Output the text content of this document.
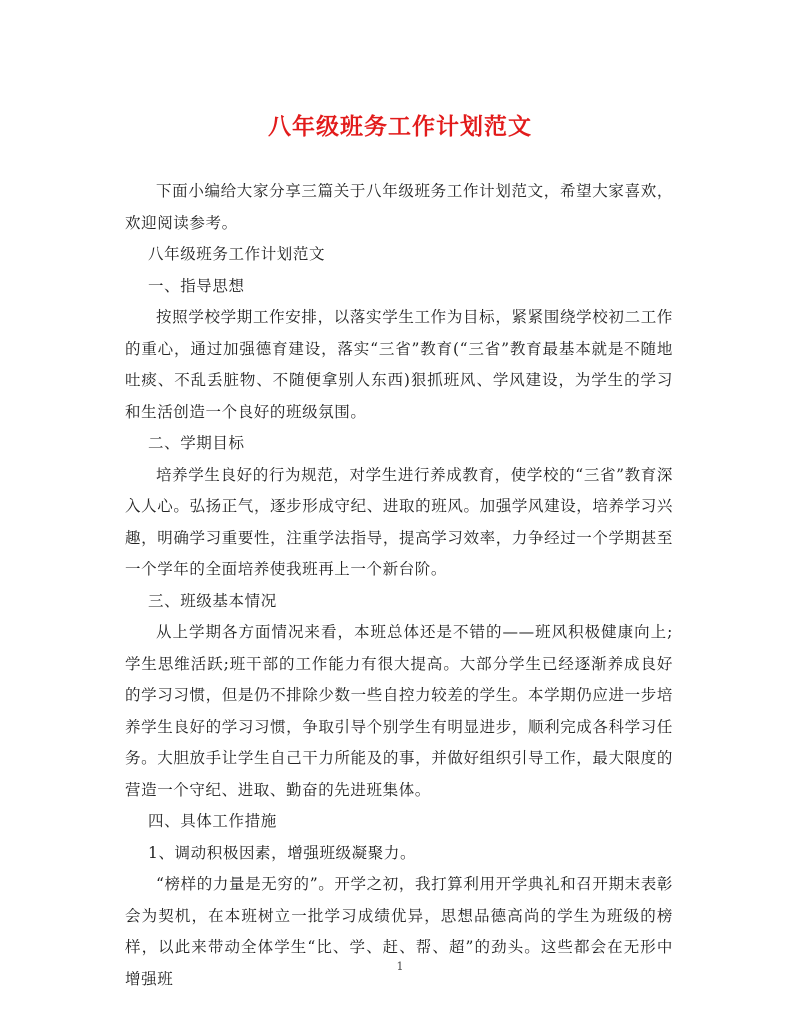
八年级班务工作计划范文

下面小编给大家分享三篇关于八年级班务工作计划范文，希望大家喜欢，欢迎阅读参考。

八年级班务工作计划范文

一、指导思想

按照学校学期工作安排，以落实学生工作为目标，紧紧围绕学校初二工作的重心，通过加强德育建设，落实“三省”教育(“三省”教育最基本就是不随地吐痰、不乱丢脏物、不随便拿别人东西)狠抓班风、学风建设，为学生的学习和生活创造一个良好的班级氛围。

二、学期目标

培养学生良好的行为规范，对学生进行养成教育，使学校的“三省”教育深入人心。弘扬正气，逐步形成守纪、进取的班风。加强学风建设，培养学习兴趣，明确学习重要性，注重学法指导，提高学习效率，力争经过一个学期甚至一个学年的全面培养使我班再上一个新台阶。

三、班级基本情况

从上学期各方面情况来看，本班总体还是不错的——班风积极健康向上;学生思维活跃;班干部的工作能力有很大提高。大部分学生已经逐渐养成良好的学习习惯，但是仍不排除少数一些自控力较差的学生。本学期仍应进一步培养学生良好的学习习惯，争取引导个别学生有明显进步，顺利完成各科学习任务。大胆放手让学生自己干力所能及的事，并做好组织引导工作，最大限度的营造一个守纪、进取、勤奋的先进班集体。

四、具体工作措施

1、调动积极因素，增强班级凝聚力。

“榜样的力量是无穷的”。开学之初，我打算利用开学典礼和召开期末表彰会为契机，在本班树立一批学习成绩优异，思想品德高尚的学生为班级的榜样，以此来带动全体学生“比、学、赶、帮、超”的劲头。这些都会在无形中增强班

1
